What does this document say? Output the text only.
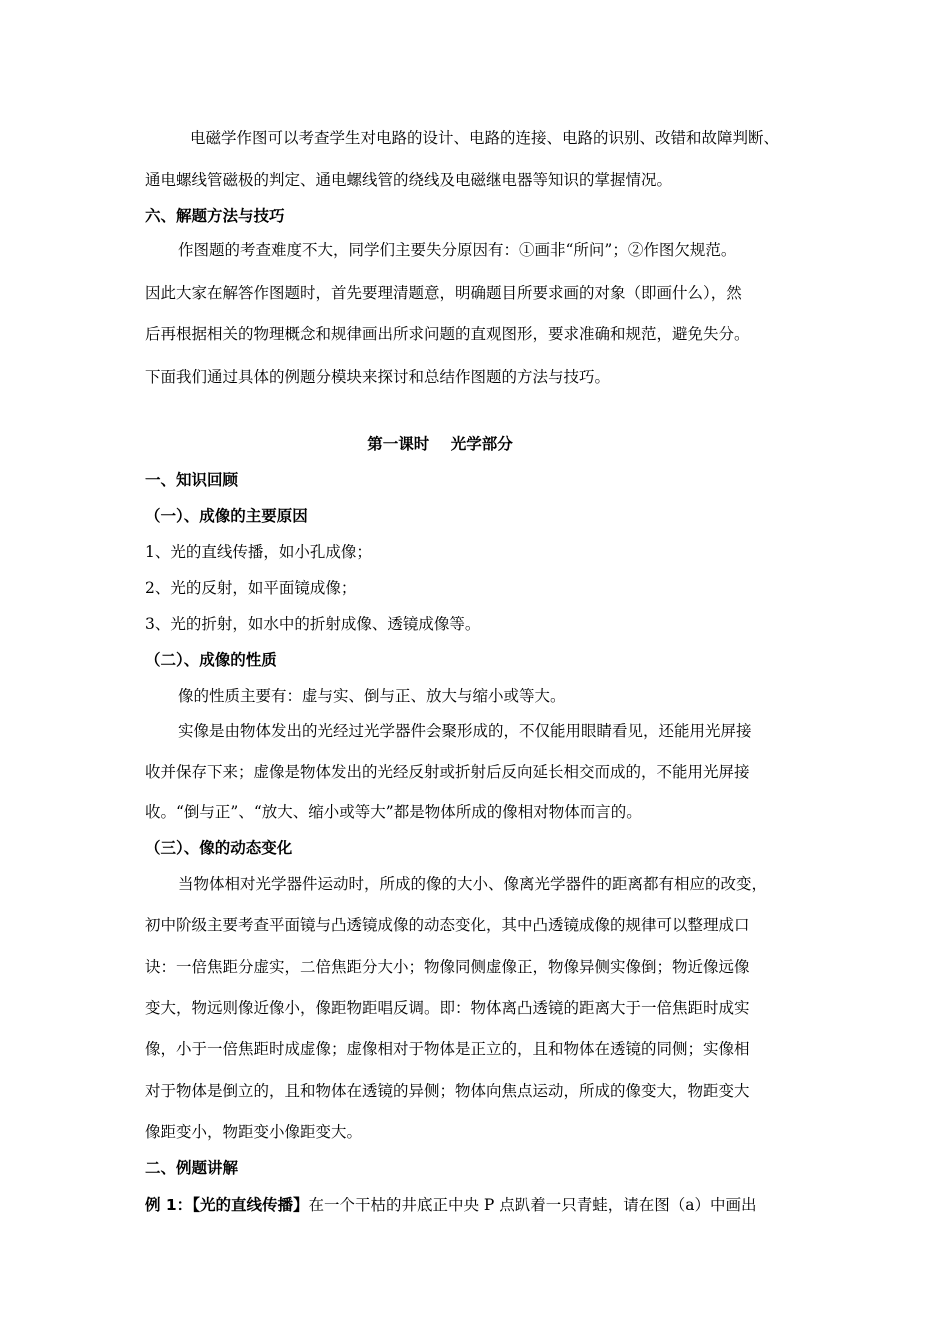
电磁学作图可以考查学生对电路的设计、电路的连接、电路的识别、改错和故障判断、
通电螺线管磁极的判定、通电螺线管的绕线及电磁继电器等知识的掌握情况。
六、解题方法与技巧
作图题的考查难度不大，同学们主要失分原因有：①画非“所问”；②作图欠规范。
因此大家在解答作图题时，首先要理清题意，明确题目所要求画的对象（即画什么），然
后再根据相关的物理概念和规律画出所求问题的直观图形，要求准确和规范，避免失分。
下面我们通过具体的例题分模块来探讨和总结作图题的方法与技巧。
第一课时    光学部分
一、知识回顾
（一）、成像的主要原因
1、光的直线传播，如小孔成像；
2、光的反射，如平面镜成像；
3、光的折射，如水中的折射成像、透镜成像等。
（二）、成像的性质
像的性质主要有：虚与实、倒与正、放大与缩小或等大。
实像是由物体发出的光经过光学器件会聚形成的，不仅能用眼睛看见，还能用光屏接
收并保存下来；虚像是物体发出的光经反射或折射后反向延长相交而成的，不能用光屏接
收。“倒与正”、“放大、缩小或等大”都是物体所成的像相对物体而言的。
（三）、像的动态变化
当物体相对光学器件运动时，所成的像的大小、像离光学器件的距离都有相应的改变，
初中阶级主要考查平面镜与凸透镜成像的动态变化，其中凸透镜成像的规律可以整理成口
诀：一倍焦距分虚实，二倍焦距分大小；物像同侧虚像正，物像异侧实像倒；物近像远像
变大，物远则像近像小，像距物距唱反调。即：物体离凸透镜的距离大于一倍焦距时成实
像，小于一倍焦距时成虚像；虚像相对于物体是正立的，且和物体在透镜的同侧；实像相
对于物体是倒立的，且和物体在透镜的异侧；物体向焦点运动，所成的像变大，物距变大
像距变小，物距变小像距变大。
二、例题讲解
例 1：【光的直线传播】在一个干枯的井底正中央 P 点趴着一只青蛙，请在图（a）中画出
